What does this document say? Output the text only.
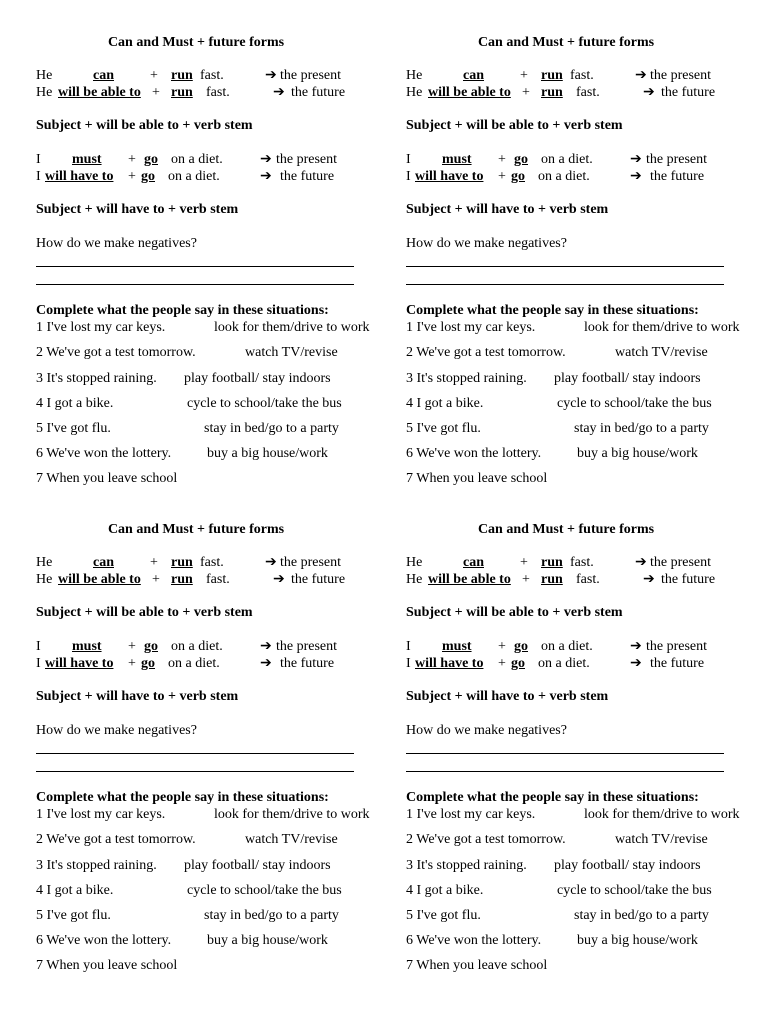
Can and Must + future forms
He	can	+ run fast.	➔ the present
He will be able to + run fast.	➔ the future
Subject + will be able to + verb stem
I must + go on a diet.	➔ the present
I will have to + go on a diet.	➔ the future
Subject + will have to + verb stem
How do we make negatives?
Complete what the people say in these situations:
1 I've lost my car keys.	look for them/drive to work
2 We've got a test tomorrow.	watch TV/revise
3 It's stopped raining. play football/ stay indoors
4 I got a bike.	cycle to school/take the bus
5 I've got flu.	stay in bed/go to a party
6 We've won the lottery.	buy a big house/work
7 When you leave school
Can and Must + future forms
He	can	+ run fast.	➔ the present
He will be able to + run fast.	➔ the future
Subject + will be able to + verb stem
I must + go on a diet.	➔ the present
I will have to + go on a diet.	➔ the future
Subject + will have to + verb stem
How do we make negatives?
Complete what the people say in these situations:
1 I've lost my car keys.	look for them/drive to work
2 We've got a test tomorrow.	watch TV/revise
3 It's stopped raining. play football/ stay indoors
4 I got a bike.	cycle to school/take the bus
5 I've got flu.	stay in bed/go to a party
6 We've won the lottery.	buy a big house/work
7 When you leave school
Can and Must + future forms
He	can	+ run fast.	➔ the present
He will be able to + run fast.	➔ the future
Subject + will be able to + verb stem
I must + go on a diet.	➔ the present
I will have to + go on a diet.	➔ the future
Subject + will have to + verb stem
How do we make negatives?
Complete what the people say in these situations:
1 I've lost my car keys.	look for them/drive to work
2 We've got a test tomorrow.	watch TV/revise
3 It's stopped raining. play football/ stay indoors
4 I got a bike.	cycle to school/take the bus
5 I've got flu.	stay in bed/go to a party
6 We've won the lottery.	buy a big house/work
7 When you leave school
Can and Must + future forms
He	can	+ run fast.	➔ the present
He will be able to + run fast.	➔ the future
Subject + will be able to + verb stem
I must + go on a diet.	➔ the present
I will have to + go on a diet.	➔ the future
Subject + will have to + verb stem
How do we make negatives?
Complete what the people say in these situations:
1 I've lost my car keys.	look for them/drive to work
2 We've got a test tomorrow.	watch TV/revise
3 It's stopped raining. play football/ stay indoors
4 I got a bike.	cycle to school/take the bus
5 I've got flu.	stay in bed/go to a party
6 We've won the lottery.	buy a big house/work
7 When you leave school
